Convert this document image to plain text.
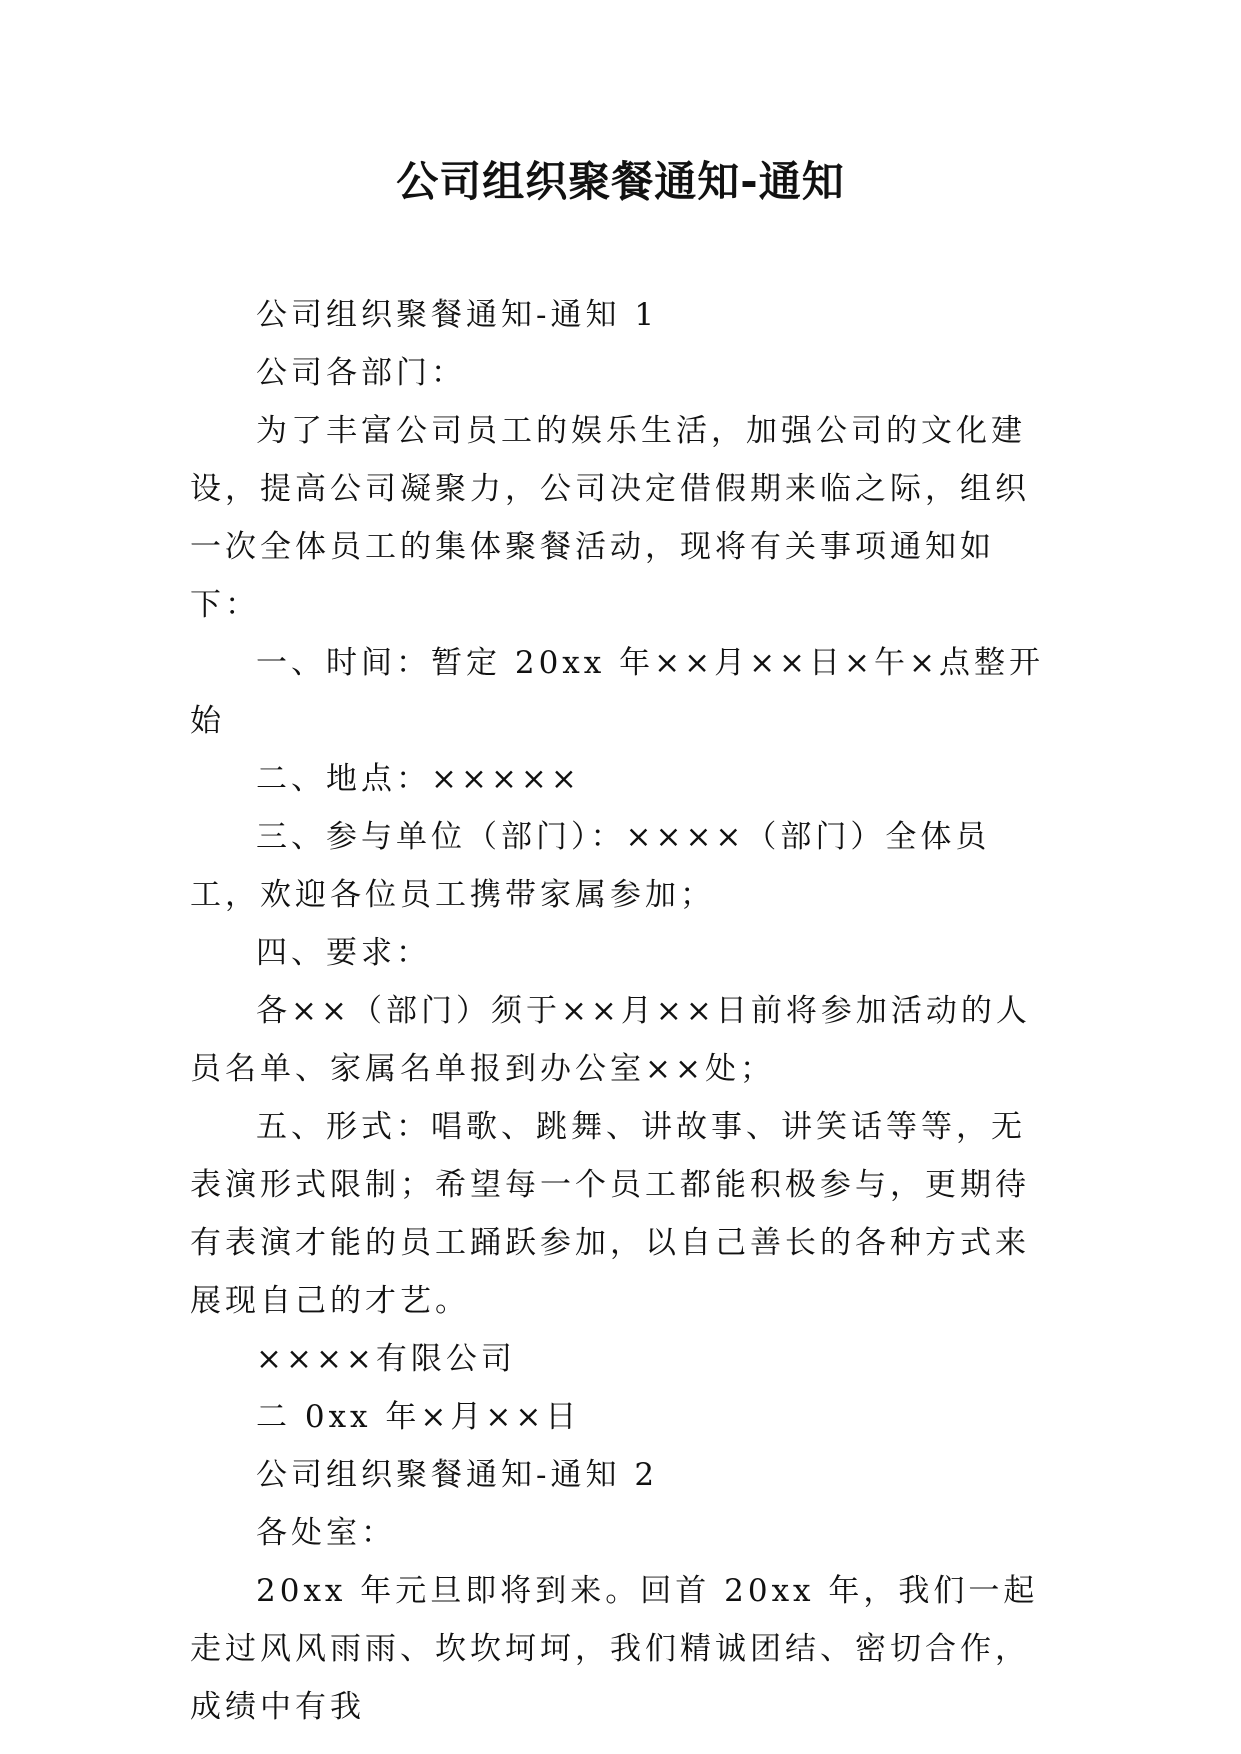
公司组织聚餐通知-通知

公司组织聚餐通知-通知 1

公司各部门：

为了丰富公司员工的娱乐生活，加强公司的文化建设，提高公司凝聚力，公司决定借假期来临之际，组织一次全体员工的集体聚餐活动，现将有关事项通知如下：

一、时间：暂定 20xx 年××月××日×午×点整开始

二、地点：×××××

三、参与单位（部门）：××××（部门）全体员工，欢迎各位员工携带家属参加；

四、要求：

各××（部门）须于××月××日前将参加活动的人员名单、家属名单报到办公室××处；

五、形式：唱歌、跳舞、讲故事、讲笑话等等，无表演形式限制；希望每一个员工都能积极参与，更期待有表演才能的员工踊跃参加，以自己善长的各种方式来展现自己的才艺。

××××有限公司

二 0xx 年×月××日

公司组织聚餐通知-通知 2

各处室：

20xx 年元旦即将到来。回首 20xx 年，我们一起走过风风雨雨、坎坎坷坷，我们精诚团结、密切合作，成绩中有我
